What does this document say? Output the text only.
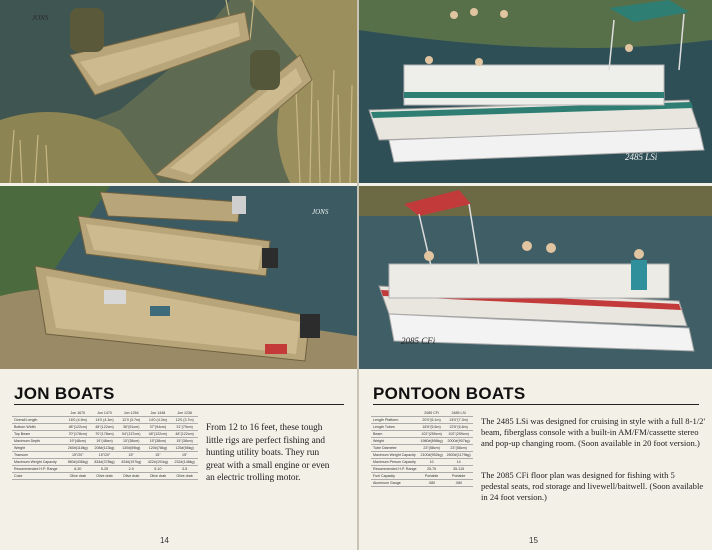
JONS
JONS
JON BOATS
	Jon 1670	Jon 1470	Jon 1254	Jon 1448	Jon 1236
Overall Length	16'0 (4.9m)	14'0 (4.3m)	12'0 (3.7m)	14'0 (4.3m)	12'0 (3.7m)
Bottom Width	48"(122cm)	48"(122cm)	36"(91cm)	37"(94cm)	31"(79cm)
Top Beam	70"(178cm)	70"(178cm)	54"(137cm)	48"(122cm)	48"(122cm)
Maximum Depth	19"(48cm)	19"(48cm)	15"(38cm)	15"(38cm)	15"(38cm)
Weight	260#(118kg)	208#(113kg)	130#(59kg)	120#(78kg)	125#(56kg)
Transom	15"/20"	15"/20"	15"	15"	15"
Maximum Weight Capacity	960#(436kg)	834#(378kg)	434#(197kg)	422#(191kg)	232#(148kg)
Recommended H.P. Range	6-30	5-25	2-9	5-10	3-5
Color	Olive drab	Olive drab	Olive drab	Olive drab	Olive drab

From 12 to 16 feet, these tough little rigs are perfect fishing and hunting utility boats. They run great with a small engine or even an electric trolling motor.

14
2485 LSi
2085 CFi
PONTOON BOATS
	2085 CFi	2485 LSi
Length Platform	20'0"(6.1m)	24'0"(7.3m)
Length Tubes	18'6"(5.6m)	22'6"(6.8m)
Beam	102"(259cm)	102"(259cm)
Weight	1980#(898kg)	2000#(907kg)
Tube Diameter	23"(58cm)	23"(58cm)
Maximum Weight Capacity	2100#(952kg)	2600#(1179kg)
Maximum Person Capacity	10	14
Recommended H.P. Range	25-75	35-115
Fuel Capacity	Portable	Portable
Aluminum Gauge	.080	.080

The 2485 LSi was designed for cruising in style with a full 8-1/2' beam, fiberglass console with a built-in AM/FM/cassette stereo and pop-up changing room. (Soon available in 20 foot version.)

The 2085 CFi floor plan was designed for fishing with 5 pedestal seats, rod storage and livewell/baitwell. (Soon available in 24 foot version.)

15
